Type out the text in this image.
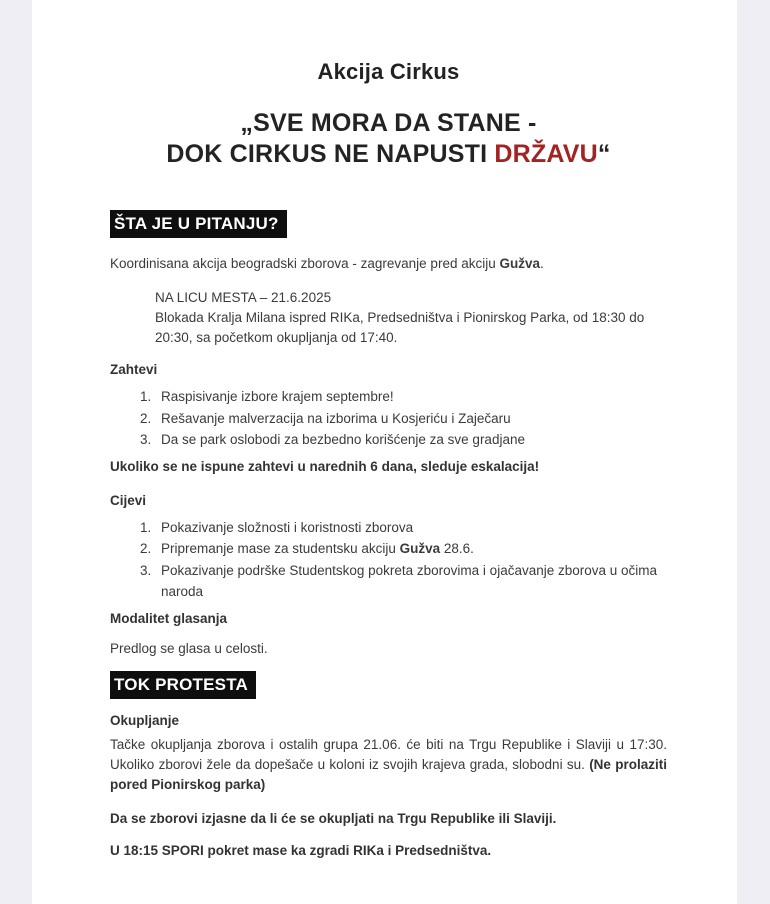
Akcija Cirkus
„SVE MORA DA STANE -
DOK CIRKUS NE NAPUSTI DRŽAVU“
ŠTA JE U PITANJU?

Koordinisana akcija beogradski zborova - zagrevanje pred akciju Gužva.

NA LICU MESTA – 21.6.2025
Blokada Kralja Milana ispred RIKa, Predsedništva i Pionirskog Parka, od 18:30 do 20:30, sa početkom okupljanja od 17:40.

Zahtevi

1. Raspisivanje izbore krajem septembre!
2. Rešavanje malverzacija na izborima u Kosjeriću i Zaječaru
3. Da se park oslobodi za bezbedno korišćenje za sve gradjane

Ukoliko se ne ispune zahtevi u narednih 6 dana, sleduje eskalacija!

Cijevi

1. Pokazivanje složnosti i koristnosti zborova
2. Pripremanje mase za studentsku akciju Gužva 28.6.
3. Pokazivanje podrške Studentskog pokreta zborovima i ojačavanje zborova u očima naroda

Modalitet glasanja

Predlog se glasa u celosti.

TOK PROTESTA

Okupljanje

Tačke okupljanja zborova i ostalih grupa 21.06. će biti na Trgu Republike i Slaviji u 17:30. Ukoliko zborovi žele da dopešače u koloni iz svojih krajeva grada, slobodni su. (Ne prolaziti pored Pionirskog parka)

Da se zborovi izjasne da li će se okupljati na Trgu Republike ili Slaviji.

U 18:15 SPORI pokret mase ka zgradi RIKa i Predsedništva.
